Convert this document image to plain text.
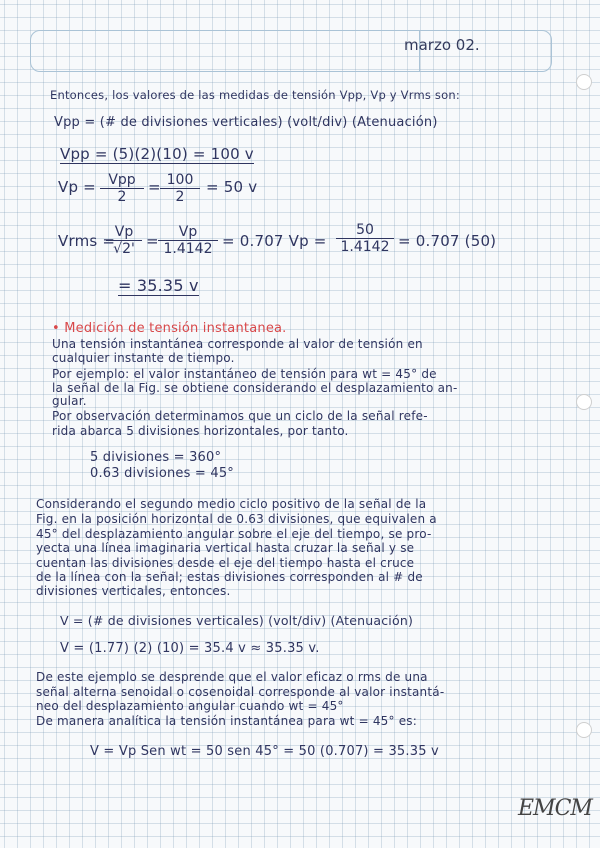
marzo 02.
Entonces, los valores de las medidas de tensión Vpp, Vp y Vrms son:
Vpp = (# de divisiones verticales) (volt/div) (Atenuación)
Vpp = (5)(2)(10) = 100 v
Vp = Vpp
2
= $\frac{100}{2} = 50$ v
Vrms =
$\frac{Vp}{√2'} = \frac{Vp}{1.4142} = 0.707$ $Vp = \frac{50}{1.4142} = 0.707$ (50)
= 35.35 v
• Medición de tensión instantanea.
Una tensión instantánea corresponde al valor de tensión en
cualquier instante de tiempo.
Por ejemplo: el valor instantáneo de tensión para wt = 45° de
la señal de la Fig. se obtiene considerando el desplazamiento an-
gular.
Por observación determinamos que un ciclo de la señal refe-
rida abarca 5 divisiones horizontales, por tanto.
5 divisiones = 360°
0.63 divisiones = 45°
Considerando el segundo medio ciclo positivo de la señal de la
Fig. en la posición horizontal de 0.63 divisiones, que equivalen a
45° del desplazamiento angular sobre el eje del tiempo, se pro-
yecta una línea imaginaria vertical hasta cruzar la señal y se
cuentan las divisiones desde el eje del tiempo hasta el cruce
de la línea con la señal; estas divisiones corresponden al # de
divisiones verticales, entonces.
V = (# de divisiones verticales) (volt/div) (Atenuación)
V = (1.77) (2) (10) = 35.4 v ≈ 35.35 v.
De este ejemplo se desprende que el valor eficaz o rms de una
señal alterna senoidal o cosenoidal corresponde al valor instantá-
neo del desplazamiento angular cuando wt = 45°
De manera analítica la tensión instantánea para wt = 45° es:
V = Vp Sen wt = 50 sen 45° = 50 (0.707) = 35.35 v
EMCM
